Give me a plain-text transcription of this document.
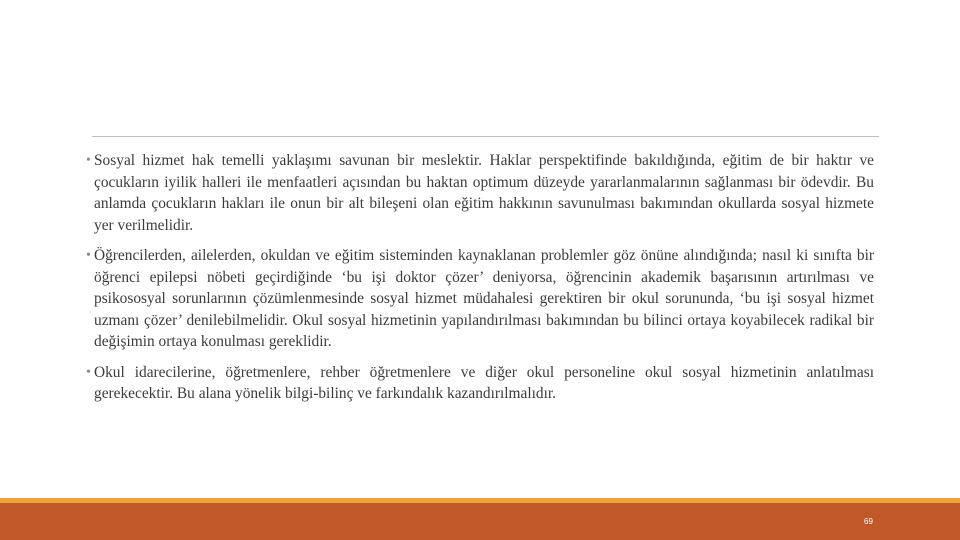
• Sosyal hizmet hak temelli yaklaşımı savunan bir meslektir. Haklar perspektifinde bakıldığında, eğitim de bir haktır ve çocukların iyilik halleri ile menfaatleri açısından bu haktan optimum düzeyde yararlanmalarının sağlanması bir ödevdir. Bu anlamda çocukların hakları ile onun bir alt bileşeni olan eğitim hakkının savunulması bakımından okullarda sosyal hizmete yer verilmelidir.

• Öğrencilerden, ailelerden, okuldan ve eğitim sisteminden kaynaklanan problemler göz önüne alındığında; nasıl ki sınıfta bir öğrenci epilepsi nöbeti geçirdiğinde ‘bu işi doktor çözer’ deniyorsa, öğrencinin akademik başarısının artırılması ve psikososyal sorunlarının çözümlenmesinde sosyal hizmet müdahalesi gerektiren bir okul sorununda, ‘bu işi sosyal hizmet uzmanı çözer’ denilebilmelidir. Okul sosyal hizmetinin yapılandırılması bakımından bu bilinci ortaya koyabilecek radikal bir değişimin ortaya konulması gereklidir.

• Okul idarecilerine, öğretmenlere, rehber öğretmenlere ve diğer okul personeline okul sosyal hizmetinin anlatılması gerekecektir. Bu alana yönelik bilgi-bilinç ve farkındalık kazandırılmalıdır.

69
